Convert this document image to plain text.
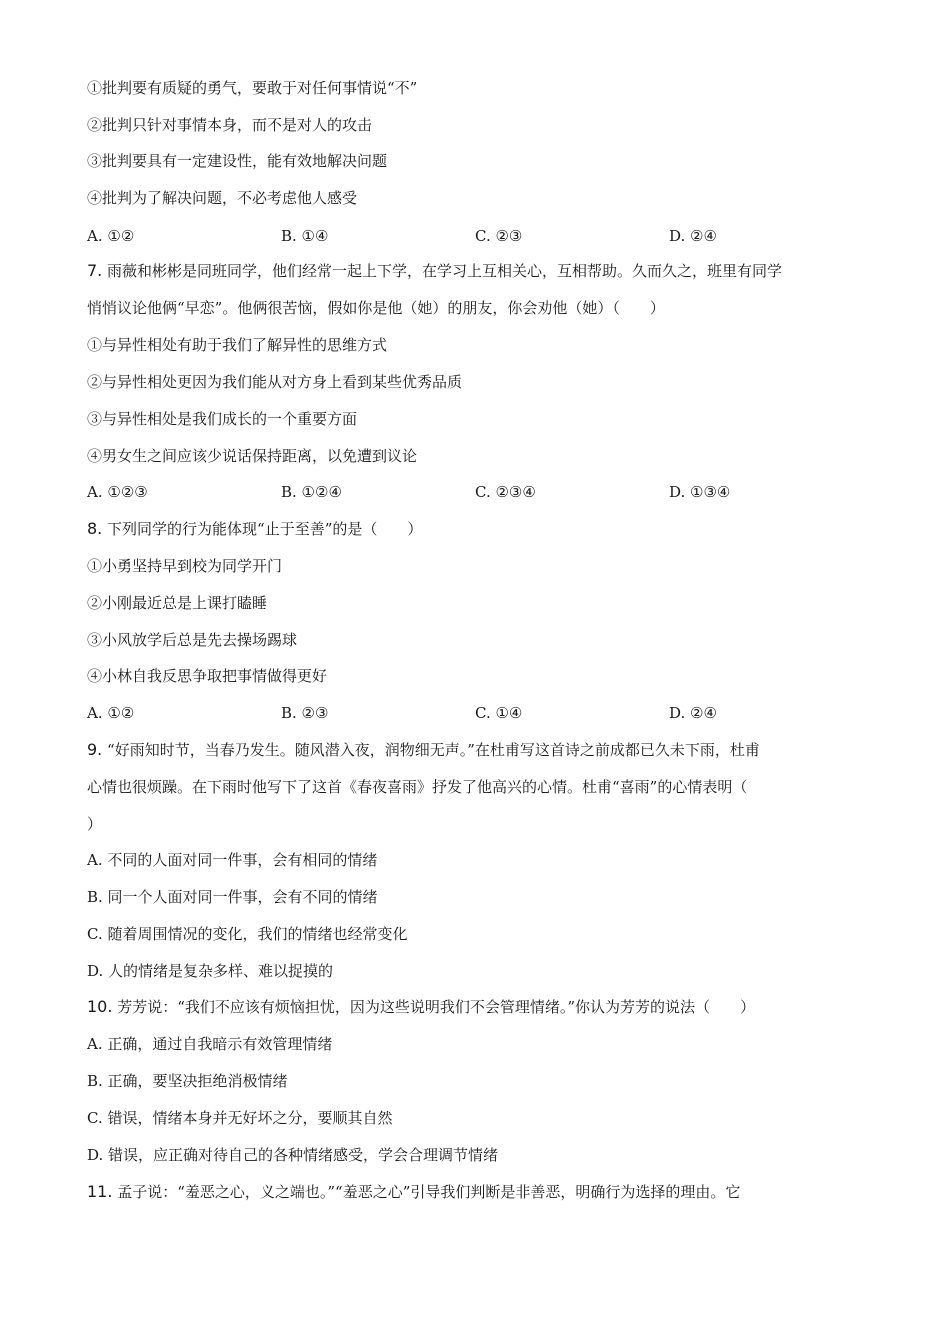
①批判要有质疑的勇气，要敢于对任何事情说“不”
②批判只针对事情本身，而不是对人的攻击
③批判要具有一定建设性，能有效地解决问题
④批判为了解决问题，不必考虑他人感受
A. ①②	B. ①④	C. ②③	D. ②④
7. 雨薇和彬彬是同班同学，他们经常一起上下学，在学习上互相关心，互相帮助。久而久之，班里有同学
悄悄议论他俩“早恋”。他俩很苦恼，假如你是他（她）的朋友，你会劝他（她）（　　）
①与异性相处有助于我们了解异性的思维方式
②与异性相处更因为我们能从对方身上看到某些优秀品质
③与异性相处是我们成长的一个重要方面
④男女生之间应该少说话保持距离，以免遭到议论
A. ①②③	B. ①②④	C. ②③④	D. ①③④
8. 下列同学的行为能体现“止于至善”的是（　　）
①小勇坚持早到校为同学开门
②小刚最近总是上课打瞌睡
③小风放学后总是先去操场踢球
④小林自我反思争取把事情做得更好
A. ①②	B. ②③	C. ①④	D. ②④
9. “好雨知时节，当春乃发生。随风潜入夜，润物细无声。”在杜甫写这首诗之前成都已久未下雨，杜甫
心情也很烦躁。在下雨时他写下了这首《春夜喜雨》抒发了他高兴的心情。杜甫“喜雨”的心情表明（
）
A. 不同的人面对同一件事，会有相同的情绪
B. 同一个人面对同一件事，会有不同的情绪
C. 随着周围情况的变化，我们的情绪也经常变化
D. 人的情绪是复杂多样、难以捉摸的
10. 芳芳说：“我们不应该有烦恼担忧，因为这些说明我们不会管理情绪。”你认为芳芳的说法（　　）
A. 正确，通过自我暗示有效管理情绪
B. 正确，要坚决拒绝消极情绪
C. 错误，情绪本身并无好坏之分，要顺其自然
D. 错误，应正确对待自己的各种情绪感受，学会合理调节情绪
11. 孟子说：“羞恶之心，义之端也。”“羞恶之心”引导我们判断是非善恶，明确行为选择的理由。它
